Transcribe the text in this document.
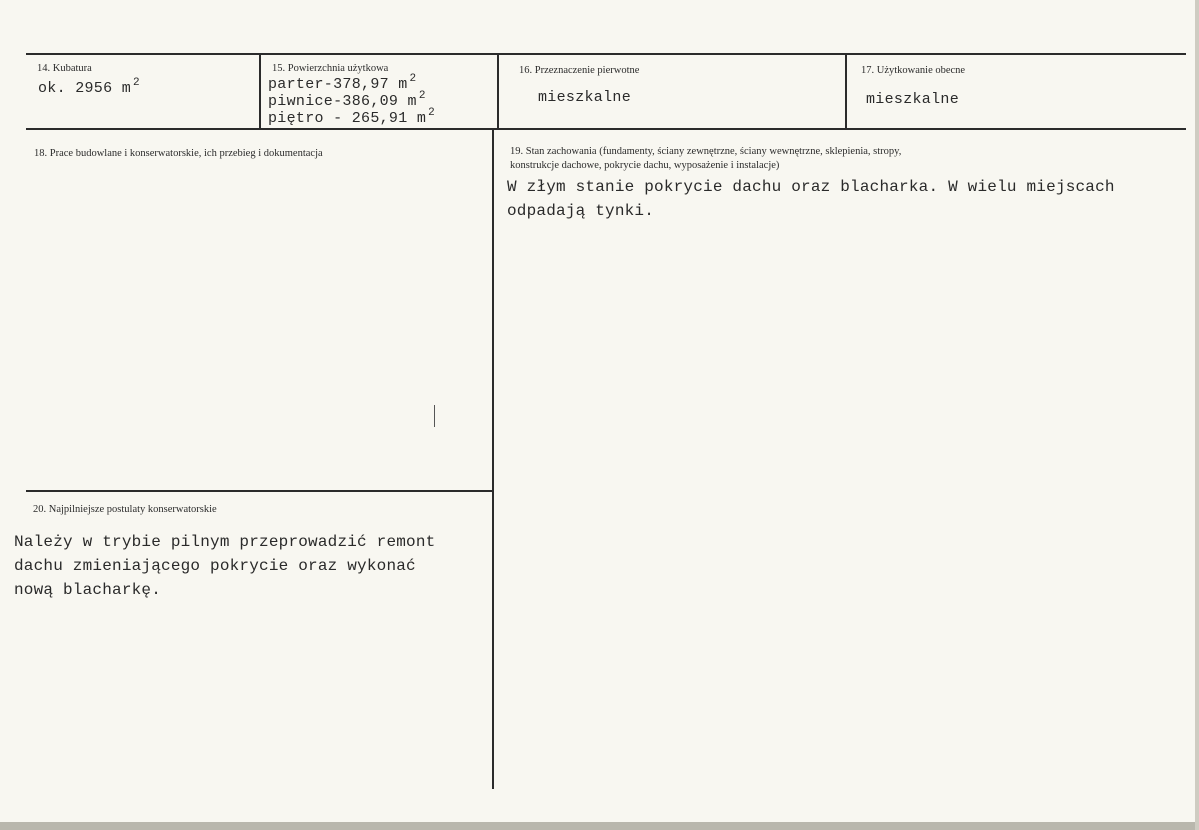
14. Kubatura
ok. 2956 m $^2$
15. Powierzchnia użytkowa
parter-378,97 m $^2$
piwnice-386,09 m $^2$
piętro - 265,91 m $^2$
16. Przeznaczenie pierwotne
mieszkalne
17. Użytkowanie obecne
mieszkalne
18. Prace budowlane i konserwatorskie, ich przebieg i dokumentacja	19. Stan zachowania (fundamenty, ściany zewnętrzne, ściany wewnętrzne, sklepienia, stropy,
konstrukcje dachowe, pokrycie dachu, wyposażenie i instalacje)
W złym stanie pokrycie dachu oraz blacharka. W wielu miejscach
odpadają tynki.
20. Najpilniejsze postulaty konserwatorskie
Należy w trybie pilnym przeprowadzić remont
dachu zmieniającego pokrycie oraz wykonać
nową blacharkę.
